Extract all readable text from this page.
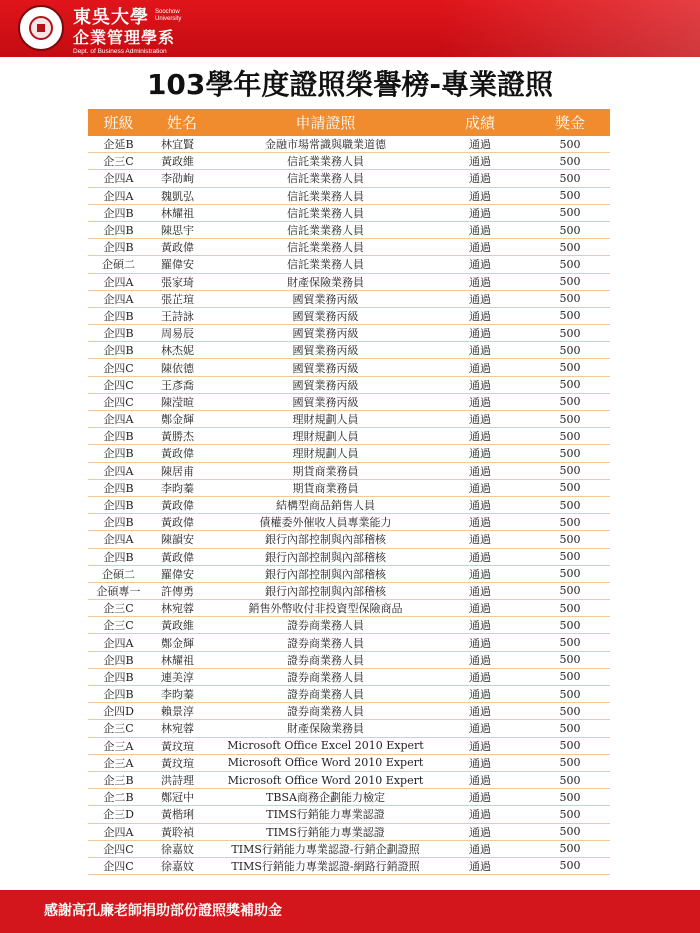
東吳大學 Soochow University
企業管理學系
Dept. of Business Administration
103學年度證照榮譽榜-專業證照
班級	姓名	申請證照	成績	獎金
企延B	林宜賢	金融市場常識與職業道德	通過	500
企三C	黃政維	信託業業務人員	通過	500
企四A	李劭峋	信託業業務人員	通過	500
企四A	魏凱弘	信託業業務人員	通過	500
企四B	林耀祖	信託業業務人員	通過	500
企四B	陳思宇	信託業業務人員	通過	500
企四B	黃政偉	信託業業務人員	通過	500
企碩二	羅偉安	信託業業務人員	通過	500
企四A	張家琦	財產保險業務員	通過	500
企四A	張芷瑄	國貿業務丙級	通過	500
企四B	王詩詠	國貿業務丙級	通過	500
企四B	周易辰	國貿業務丙級	通過	500
企四B	林杰妮	國貿業務丙級	通過	500
企四C	陳依德	國貿業務丙級	通過	500
企四C	王彥喬	國貿業務丙級	通過	500
企四C	陳滢暄	國貿業務丙級	通過	500
企四A	鄭金輝	理財規劃人員	通過	500
企四B	黃勝杰	理財規劃人員	通過	500
企四B	黃政偉	理財規劃人員	通過	500
企四A	陳居甫	期貨商業務員	通過	500
企四B	李昀蓁	期貨商業務員	通過	500
企四B	黃政偉	結構型商品銷售人員	通過	500
企四B	黃政偉	債權委外催收人員專業能力	通過	500
企四A	陳韻安	銀行內部控制與內部稽核	通過	500
企四B	黃政偉	銀行內部控制與內部稽核	通過	500
企碩二	羅偉安	銀行內部控制與內部稽核	通過	500
企碩專一	許傳勇	銀行內部控制與內部稽核	通過	500
企三C	林宛蓉	銷售外幣收付非投資型保險商品	通過	500
企三C	黃政維	證券商業務人員	通過	500
企四A	鄭金輝	證券商業務人員	通過	500
企四B	林耀祖	證券商業務人員	通過	500
企四B	連美淳	證券商業務人員	通過	500
企四B	李昀蓁	證券商業務人員	通過	500
企四D	賴景淳	證券商業務人員	通過	500
企三C	林宛蓉	財產保險業務員	通過	500
企三A	黃玟瑄	Microsoft Office Excel 2010 Expert	通過	500
企三A	黃玟瑄	Microsoft Office Word 2010 Expert	通過	500
企三B	洪詩理	Microsoft Office Word 2010 Expert	通過	500
企二B	鄭冠中	TBSA商務企劃能力檢定	通過	500
企三D	黃楷琍	TIMS行銷能力專業認證	通過	500
企四A	黃聆禎	TIMS行銷能力專業認證	通過	500
企四C	徐嘉妏	TIMS行銷能力專業認證-行銷企劃證照	通過	500
企四C	徐嘉妏	TIMS行銷能力專業認證-網路行銷證照	通過	500
感謝高孔廉老師捐助部份證照獎補助金
